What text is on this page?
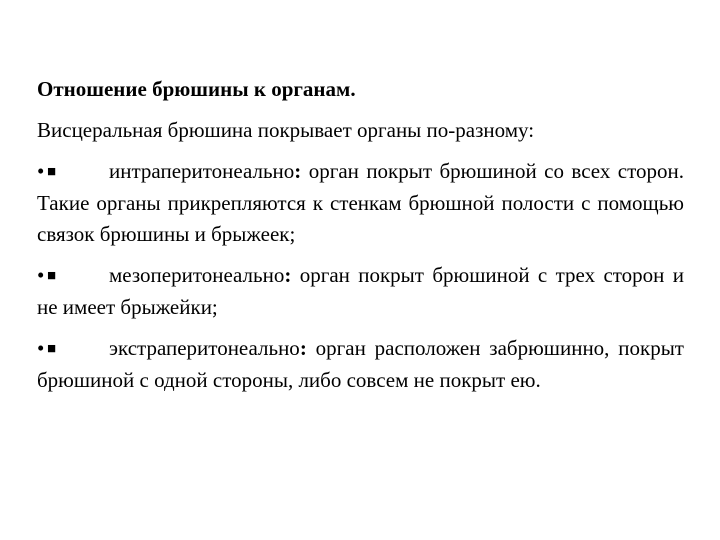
Отношение брюшины к органам.
Висцеральная брюшина покрывает органы по-разному:
• ■	интраперитонеально: орган покрыт брюшиной со всех сторон. Такие органы прикрепляются к стенкам брюшной полости с помощью связок брюшины и брыжеек;
• ■	мезоперитонеально: орган покрыт брюшиной с трех сторон и не имеет брыжейки;
• ■	экстраперитонеально: орган расположен забрюшинно, покрыт брюшиной с одной стороны, либо совсем не покрыт ею.
